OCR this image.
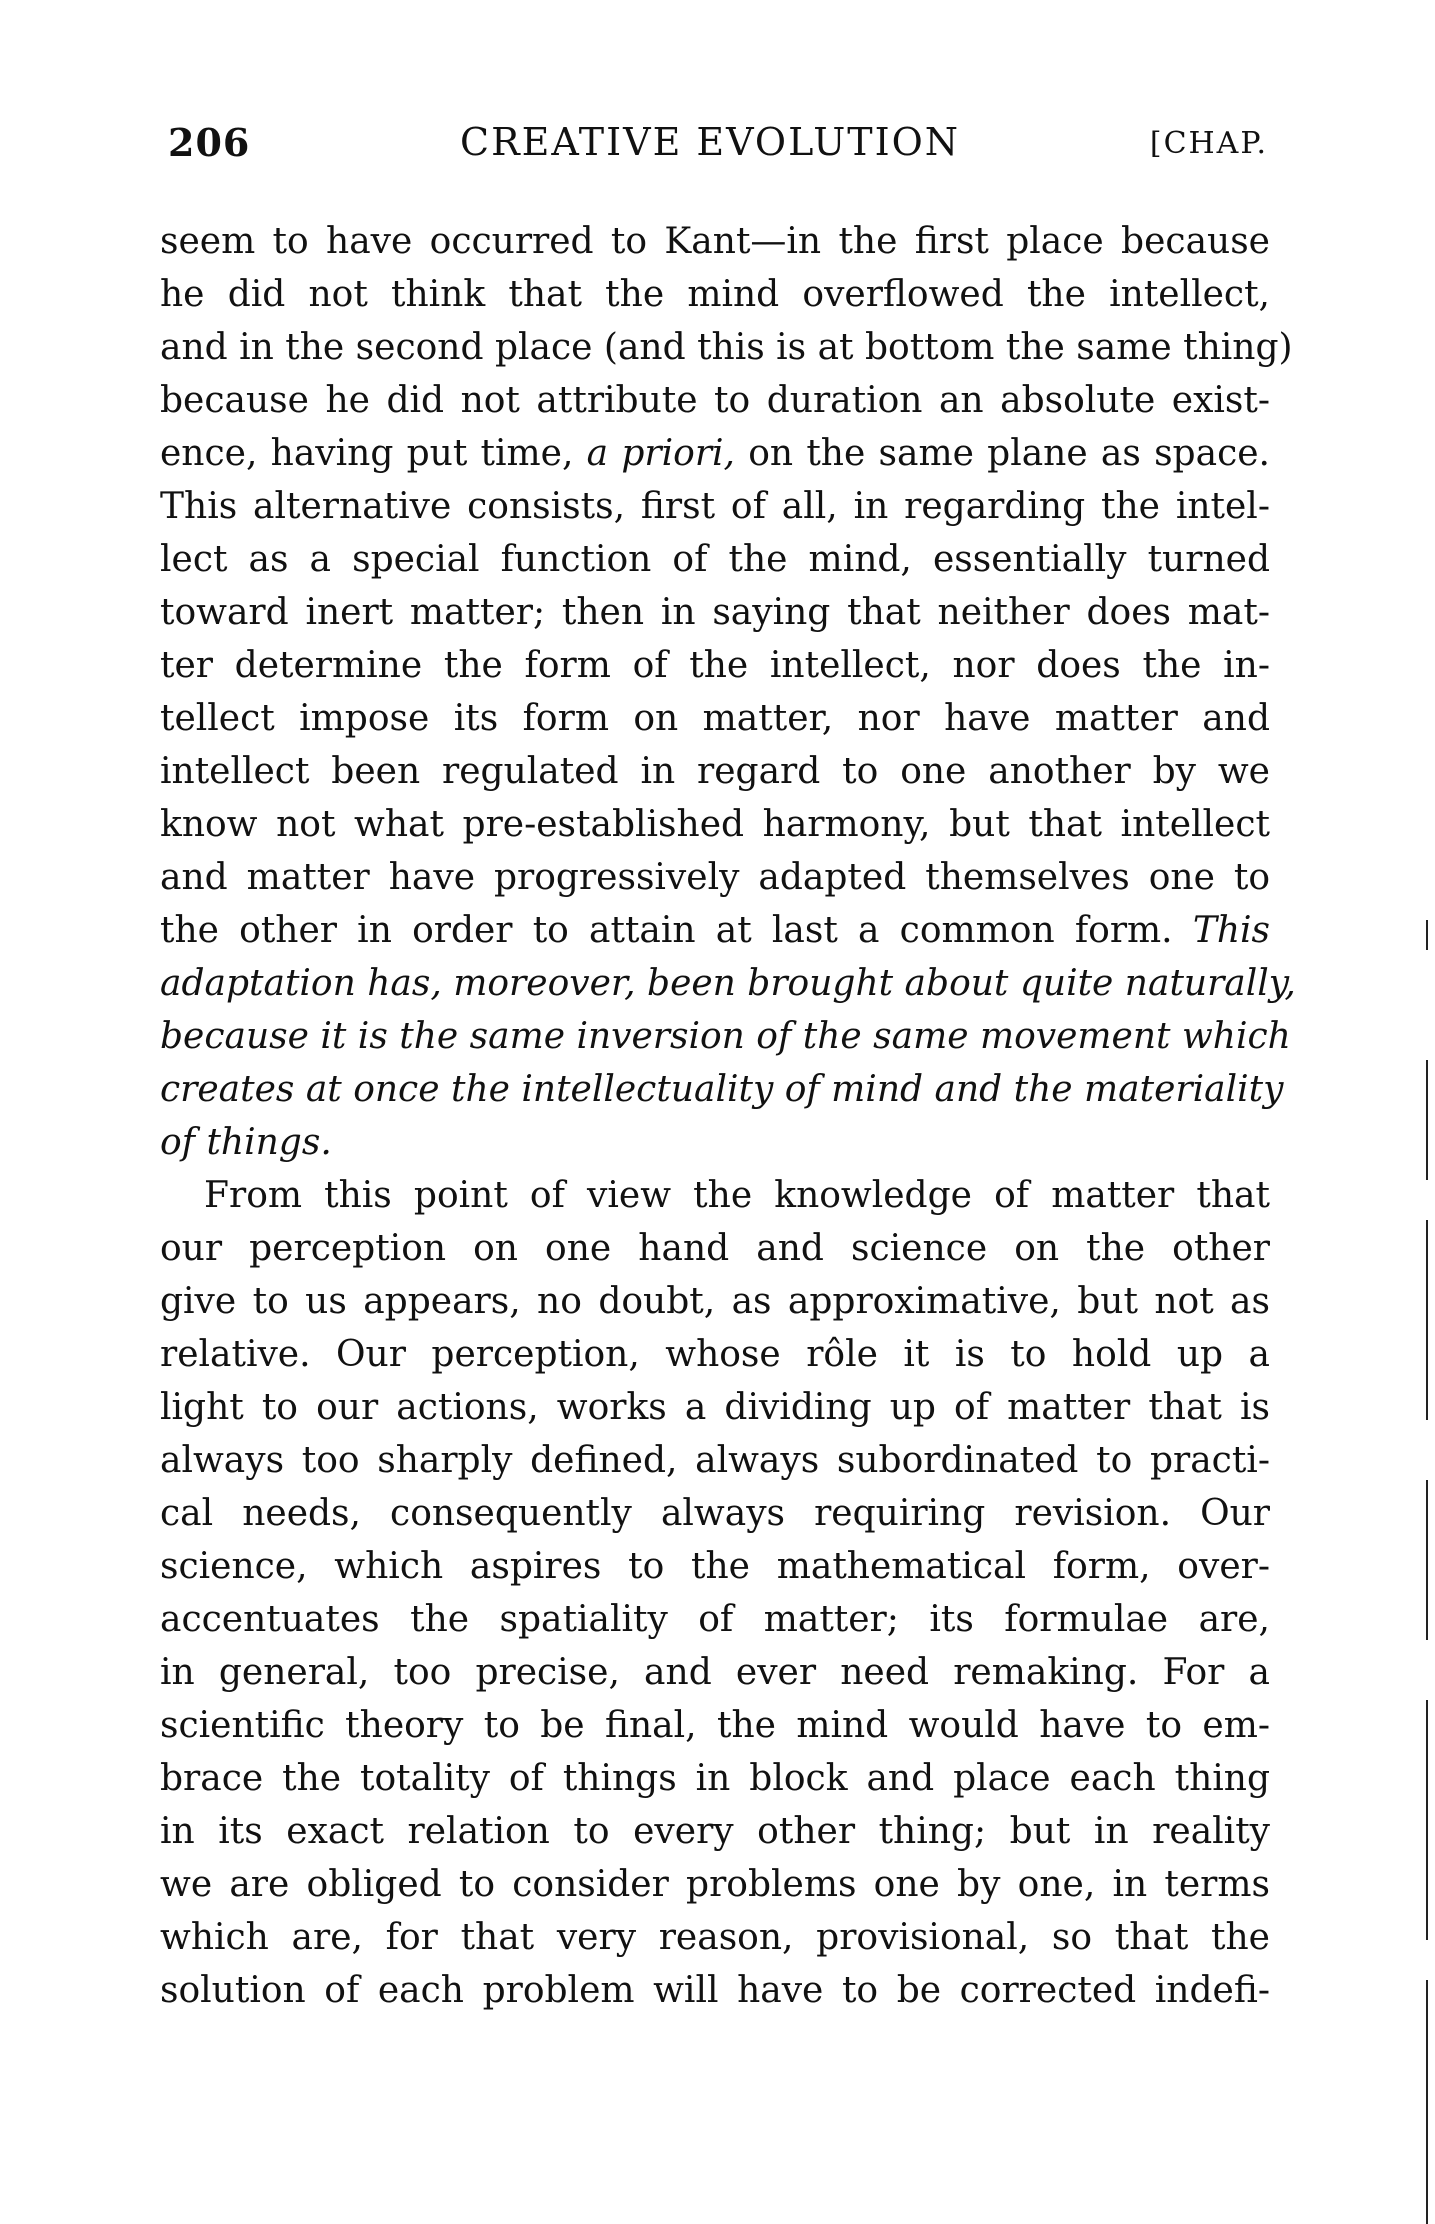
206	CREATIVE EVOLUTION	[CHAP.
seem to have occurred to Kant—in the first place because
he did not think that the mind overflowed the intellect,
and in the second place (and this is at bottom the same thing)
because he did not attribute to duration an absolute exist-
ence, having put time, a priori, on the same plane as space.
This alternative consists, first of all, in regarding the intel-
lect as a special function of the mind, essentially turned
toward inert matter; then in saying that neither does mat-
ter determine the form of the intellect, nor does the in-
tellect impose its form on matter, nor have matter and
intellect been regulated in regard to one another by we
know not what pre-established harmony, but that intellect
and matter have progressively adapted themselves one to
the other in order to attain at last a common form. This
adaptation has, moreover, been brought about quite naturally,
because it is the same inversion of the same movement which
creates at once the intellectuality of mind and the materiality
of things.
From this point of view the knowledge of matter that
our perception on one hand and science on the other
give to us appears, no doubt, as approximative, but not as
relative. Our perception, whose rôle it is to hold up a
light to our actions, works a dividing up of matter that is
always too sharply defined, always subordinated to practi-
cal needs, consequently always requiring revision. Our
science, which aspires to the mathematical form, over-
accentuates the spatiality of matter; its formulae are,
in general, too precise, and ever need remaking. For a
scientific theory to be final, the mind would have to em-
brace the totality of things in block and place each thing
in its exact relation to every other thing; but in reality
we are obliged to consider problems one by one, in terms
which are, for that very reason, provisional, so that the
solution of each problem will have to be corrected indefi-
